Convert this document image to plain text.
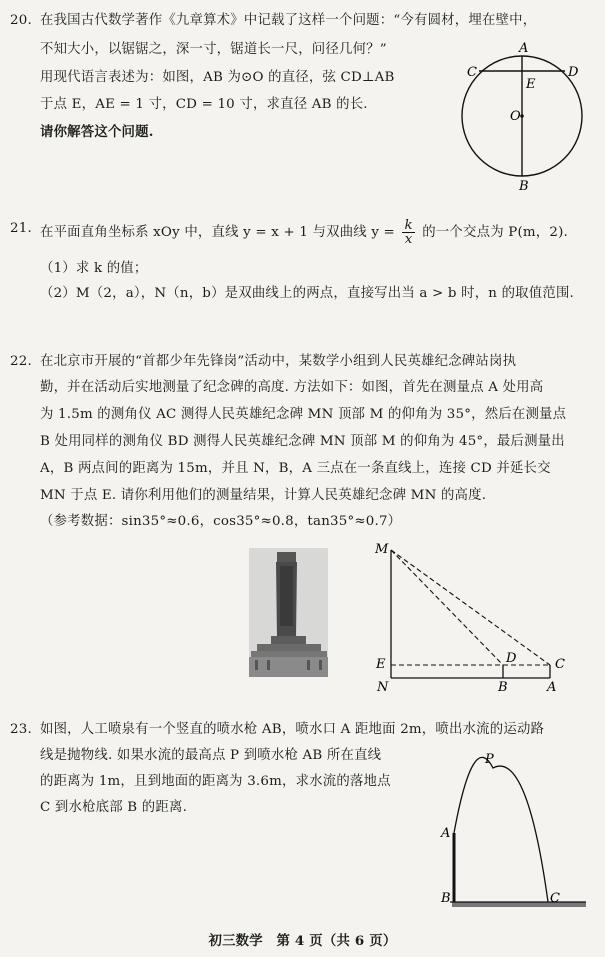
20. 在我国古代数学著作《九章算术》中记载了这样一个问题：“今有圆材，埋在壁中，
不知大小，以锯锯之，深一寸，锯道长一尺，问径几何？”
用现代语言表述为：如图，AB 为⊙O 的直径，弦 CD⊥AB
于点 E，AE = 1 寸，CD = 10 寸，求直径 AB 的长.
请你解答这个问题.
A
C	D
E
O
B
21. 在平面直角坐标系 xOy 中，直线 y = x + 1 与双曲线 $y = \frac{k}{x}$ 的一个交点为 P(m，2).
（1）求 k 的值；
（2）M（2，a），N（n，b）是双曲线上的两点，直接写出当 a > b 时，n 的取值范围.
22. 在北京市开展的“首都少年先锋岗”活动中，某数学小组到人民英雄纪念碑站岗执
勤，并在活动后实地测量了纪念碑的高度. 方法如下：如图，首先在测量点 A 处用高
为 1.5m 的测角仪 AC 测得人民英雄纪念碑 MN 顶部 M 的仰角为 35°，然后在测量点
B 处用同样的测角仪 BD 测得人民英雄纪念碑 MN 顶部 M 的仰角为 45°，最后测量出
A，B 两点间的距离为 15m，并且 N，B，A 三点在一条直线上，连接 CD 并延长交
MN 于点 E. 请你利用他们的测量结果，计算人民英雄纪念碑 MN 的高度.
（参考数据：sin35°≈0.6，cos35°≈0.8，tan35°≈0.7）
M
E	D	C
N	B	A
23. 如图，人工喷泉有一个竖直的喷水枪 AB，喷水口 A 距地面 2m，喷出水流的运动路
线是抛物线. 如果水流的最高点 P 到喷水枪 AB 所在直线
的距离为 1m，且到地面的距离为 3.6m，求水流的落地点
C 到水枪底部 B 的距离.
P
A
B	C
初三数学　第 4 页（共 6 页）
